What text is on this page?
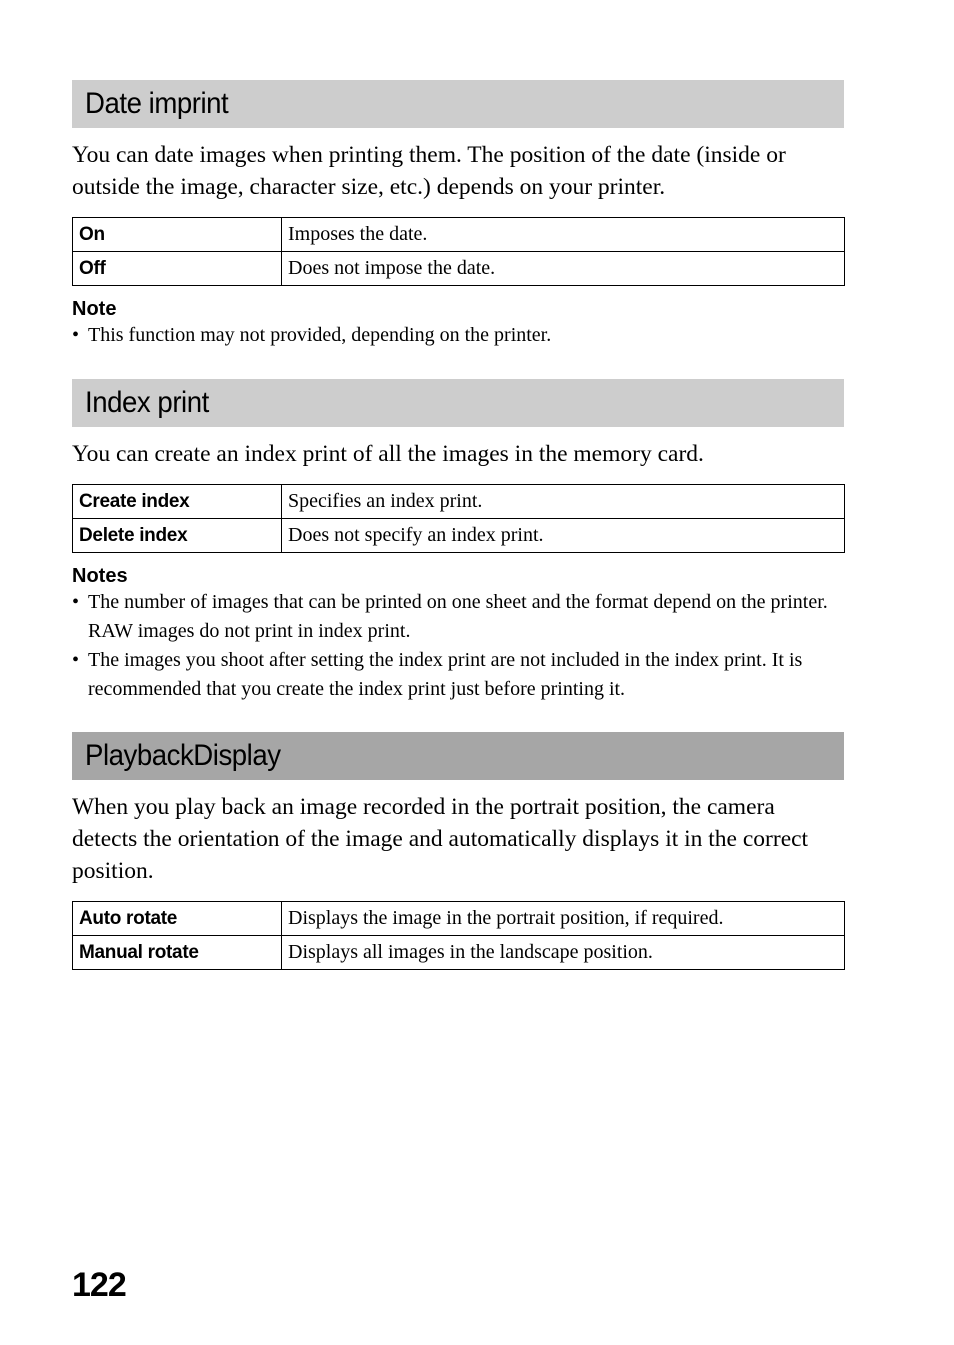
Date imprint
You can date images when printing them. The position of the date (inside or outside the image, character size, etc.) depends on your printer.
On	Imposes the date.
Off	Does not impose the date.
Note
• This function may not provided, depending on the printer.
Index print
You can create an index print of all the images in the memory card.
Create index	Specifies an index print.
Delete index	Does not specify an index print.
Notes
• The number of images that can be printed on one sheet and the format depend on the printer. RAW images do not print in index print.
• The images you shoot after setting the index print are not included in the index print. It is recommended that you create the index print just before printing it.
PlaybackDisplay
When you play back an image recorded in the portrait position, the camera detects the orientation of the image and automatically displays it in the correct position.
Auto rotate	Displays the image in the portrait position, if required.
Manual rotate	Displays all images in the landscape position.
122
